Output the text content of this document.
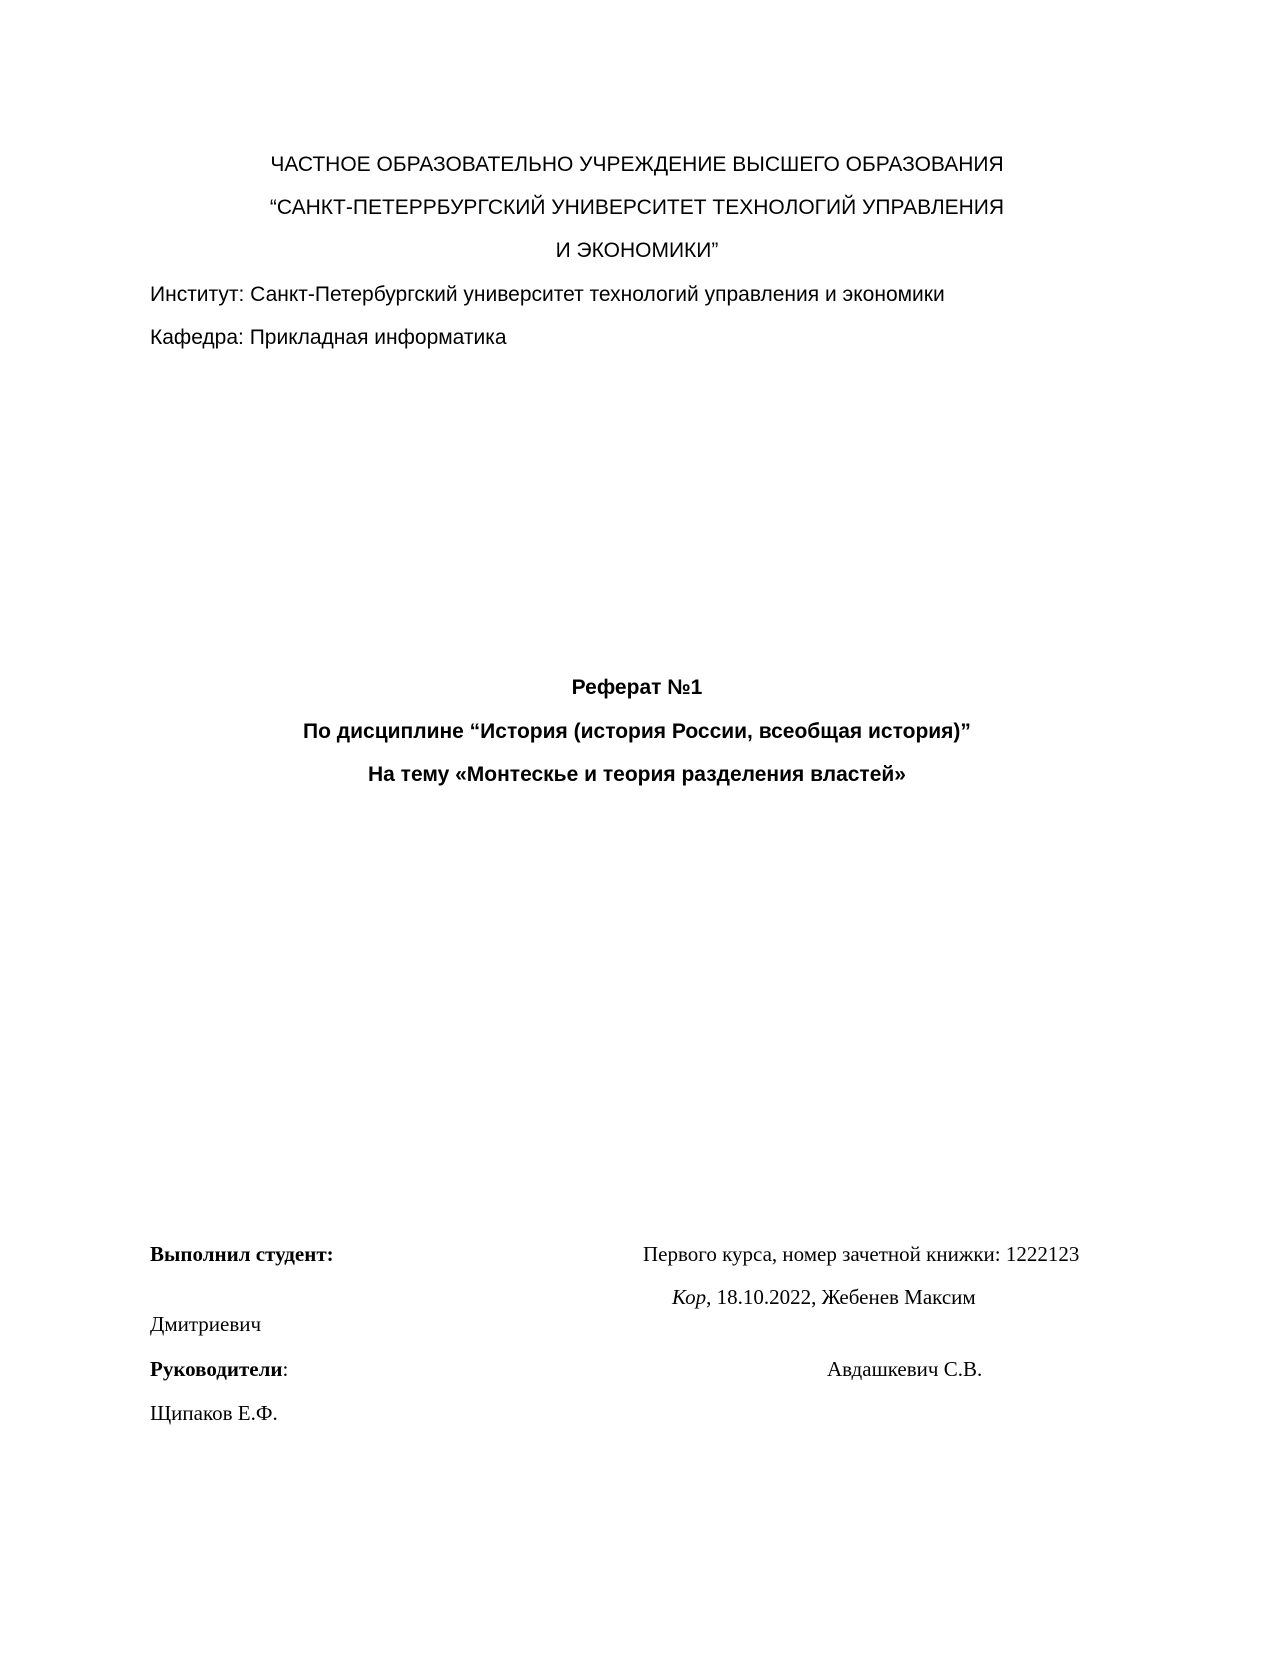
ЧАСТНОЕ ОБРАЗОВАТЕЛЬНО УЧРЕЖДЕНИЕ ВЫСШЕГО ОБРАЗОВАНИЯ
“САНКТ-ПЕТЕРРБУРГСКИЙ УНИВЕРСИТЕТ ТЕХНОЛОГИЙ УПРАВЛЕНИЯ
И ЭКОНОМИКИ”
Институт: Санкт-Петербургский университет технологий управления и экономики
Кафедра: Прикладная информатика
Реферат №1
По дисциплине “История (история России, всеобщая история)”
На тему «Монтескье и теория разделения властей»
Выполнил студент:	Первого курса, номер зачетной книжки: 1222123
Кор, 18.10.2022, Жебенев Максим
Дмитриевич
Руководители:	Авдашкевич С.В.
Щипаков Е.Ф.
